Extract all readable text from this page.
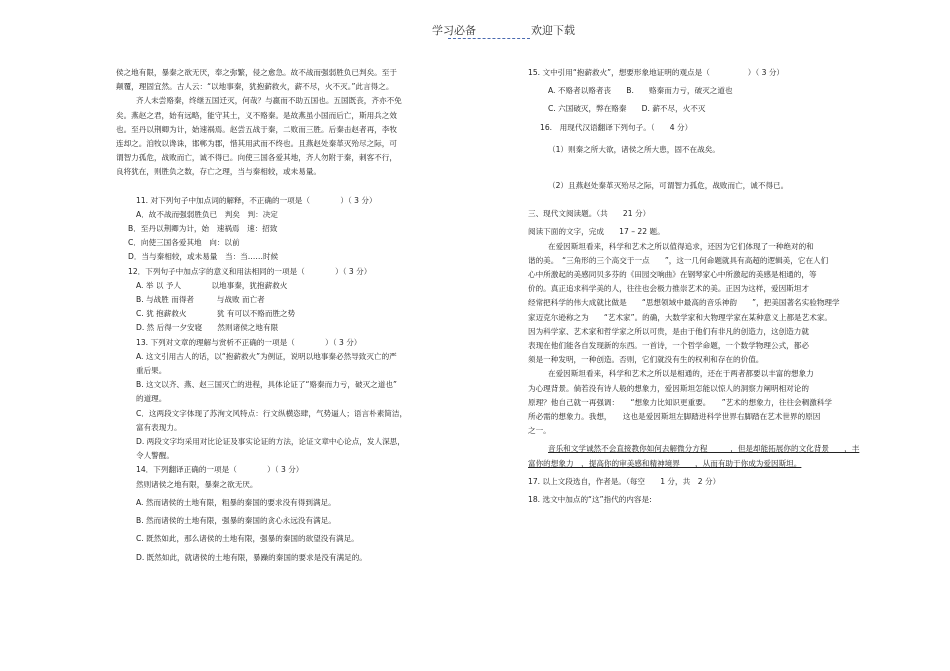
学习必备	欢迎下载

侯之地有限，暴秦之欲无厌，奉之弥繁，侵之愈急。故不战而强弱胜负已判矣。至于

颠覆，理固宜然。古人云：“以地事秦，犹抱薪救火，薪不尽，火不灭。”此言得之。

齐人未尝赂秦，终继五国迁灭，何哉？与嬴而不助五国也。五国既丧，齐亦不免

矣。燕赵之君，始有远略，能守其土，义不赂秦。是故燕虽小国而后亡，斯用兵之效

也。至丹以荆卿为计，始速祸焉。赵尝五战于秦，二败而三胜。后秦击赵者再，李牧

连却之。洎牧以谗诛，邯郸为郡，惜其用武而不终也。且燕赵处秦革灭殆尽之际，可

谓智力孤危，战败而亡，诚不得已。向使三国各爱其地，齐人勿附于秦，刺客不行，

良将犹在，则胜负之数，存亡之理，当与秦相较，或未易量。

11. 对下列句子中加点词的解释，不正确的一项是（　　　　）（ 3 分）

A．故不战而强弱胜负已　判矣　判：决定

B．至丹以荆卿为计，始　速祸焉　速：招致

C．向使三国各爱其地　向：以前

D．当与秦相较，或未易量　当：当……时候

12．下列句子中加点字的意义和用法相同的一项是（　　　　）（ 3 分）

A. 举 以 予人　　　　以地事秦，犹抱薪救火

B. 与战胜 而得者　　　与战败 而亡者

C. 犹 抱薪救火　　　　犹 有可以不赂而胜之势

D. 然 后得一夕安寝　　然则诸侯之地有限

13. 下列对文章的理解与赏析不正确的一项是（　　　　）（ 3 分）

A. 这文引用古人的话，以“抱薪救火”为例证，说明以地事秦必然导致灭亡的严

重后果。

B. 这文以齐、燕、赵三国灭亡的进程，具体论证了“赂秦而力亏，破灭之道也”

的道理。

C．这两段文字体现了苏洵文风特点：行文纵横恣肆，气势逼人；语言朴素简洁，

富有表现力。

D. 两段文字均采用对比论证及事实论证的方法，论证文章中心论点，发人深思，

令人警醒。

14．下列翻译正确的一项是（　　　　）（ 3 分）

然则诸侯之地有限，暴秦之欲无厌。

A. 然而诸侯的土地有限，粗暴的秦国的要求没有得到满足。

B. 然而诸侯的土地有限，强暴的秦国的贪心永远没有满足。

C. 既然如此，那么诸侯的土地有限，强暴的秦国的欲望没有满足。

D. 既然如此，就诸侯的土地有限，暴躁的秦国的要求是没有满足的。

15. 文中引用“抱薪救火”，想要形象地证明的观点是（　　　　　）（ 3 分）

A. 不赂者以赂者丧　　B.　　赂秦而力亏，破灭之道也

C. 六国破灭，弊在赂秦　　D. 薪不尽，火不灭

16.　用现代汉语翻译下列句子。（　　4 分）

（1）则秦之所大欲，诸侯之所大患，固不在战矣。

（2）且燕赵处秦革灭殆尽之际，可谓智力孤危，战败而亡，诚不得已。

三、现代文阅读题。（共　　21 分）

阅读下面的文字，完成　　17 – 22 题。

在爱因斯坦看来，科学和艺术之所以值得追求，还因为它们体现了一种绝对的和

谐的美。　“三角形的三个高交于一点　　”，这一几何命题就具有高超的逻辑美，它在人们

心中所激起的美感同贝多芬的《田园交响曲》在钢琴家心中所激起的美感是相通的，等

价的。真正追求科学美的人，往往也会极力推崇艺术的美。正因为这样，爱因斯坦才

经常把科学的伟大成就比做是　　“思想领域中最高的音乐神韵　　”，把美国著名实验物理学

家迈克尔逊称之为　　“艺术家”。的确，大数学家和大物理学家在某种意义上都是艺术家。

因为科学家、艺术家和哲学家之所以可贵，是由于他们有非凡的创造力，这创造力就

表现在他们能各自发现新的东西。一首诗，一个哲学命题，一个数学物理公式，都必

须是一种发明，一种创造。否则，它们就没有生的权利和存在的价值。

在爱因斯坦看来，科学和艺术之所以是相通的，还在于两者都要以丰富的想象力

为心理背景。倘若没有诗人般的想象力，爱因斯坦怎能以惊人的洞察力阐明相对论的

原理？他自己就一再强调：　　“想象力比知识更重要。　　”艺术的想象力，往往会稠激科学

所必需的想象力。我想，　　这也是爱因斯坦左脚踏进科学世界右脚踏在艺术世界的原因

之一。

音乐和文学诚然不会直接教你如何去解微分方程　　　，但是却能拓展你的文化背景　　，丰

富你的想象力　，提高你的审美感和精神境界　　，从而有助于你成为爱因斯坦。

17. 以上文段选自，作者是。（每空　　1 分，共　2 分）

18. 选文中加点的“这”指代的内容是:
